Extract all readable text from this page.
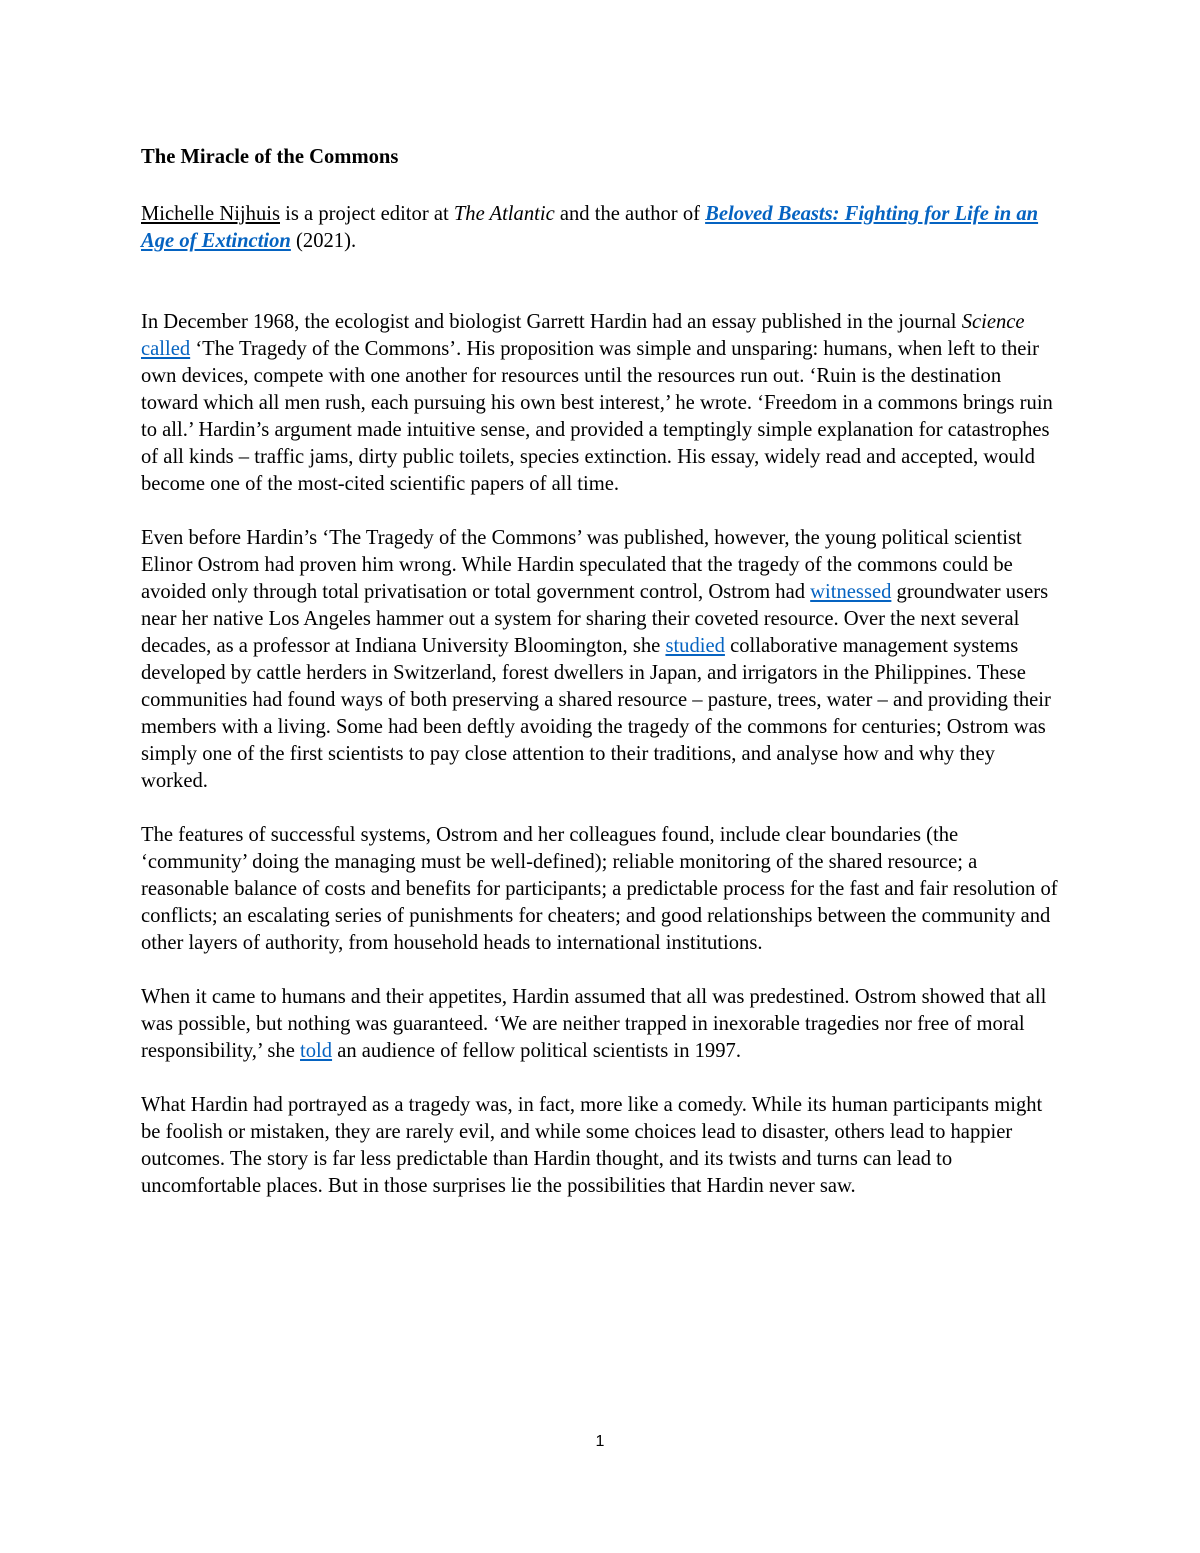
The Miracle of the Commons

Michelle Nijhuis is a project editor at The Atlantic and the author of Beloved Beasts: Fighting for Life in an Age of Extinction (2021).

In December 1968, the ecologist and biologist Garrett Hardin had an essay published in the journal Science called ‘The Tragedy of the Commons’. His proposition was simple and unsparing: humans, when left to their own devices, compete with one another for resources until the resources run out. ‘Ruin is the destination toward which all men rush, each pursuing his own best interest,’ he wrote. ‘Freedom in a commons brings ruin to all.’ Hardin’s argument made intuitive sense, and provided a temptingly simple explanation for catastrophes of all kinds – traffic jams, dirty public toilets, species extinction. His essay, widely read and accepted, would become one of the most-cited scientific papers of all time.

Even before Hardin’s ‘The Tragedy of the Commons’ was published, however, the young political scientist Elinor Ostrom had proven him wrong. While Hardin speculated that the tragedy of the commons could be avoided only through total privatisation or total government control, Ostrom had witnessed groundwater users near her native Los Angeles hammer out a system for sharing their coveted resource. Over the next several decades, as a professor at Indiana University Bloomington, she studied collaborative management systems developed by cattle herders in Switzerland, forest dwellers in Japan, and irrigators in the Philippines. These communities had found ways of both preserving a shared resource – pasture, trees, water – and providing their members with a living. Some had been deftly avoiding the tragedy of the commons for centuries; Ostrom was simply one of the first scientists to pay close attention to their traditions, and analyse how and why they worked.

The features of successful systems, Ostrom and her colleagues found, include clear boundaries (the ‘community’ doing the managing must be well-defined); reliable monitoring of the shared resource; a reasonable balance of costs and benefits for participants; a predictable process for the fast and fair resolution of conflicts; an escalating series of punishments for cheaters; and good relationships between the community and other layers of authority, from household heads to international institutions.

When it came to humans and their appetites, Hardin assumed that all was predestined. Ostrom showed that all was possible, but nothing was guaranteed. ‘We are neither trapped in inexorable tragedies nor free of moral responsibility,’ she told an audience of fellow political scientists in 1997.

What Hardin had portrayed as a tragedy was, in fact, more like a comedy. While its human participants might be foolish or mistaken, they are rarely evil, and while some choices lead to disaster, others lead to happier outcomes. The story is far less predictable than Hardin thought, and its twists and turns can lead to uncomfortable places. But in those surprises lie the possibilities that Hardin never saw.

1
